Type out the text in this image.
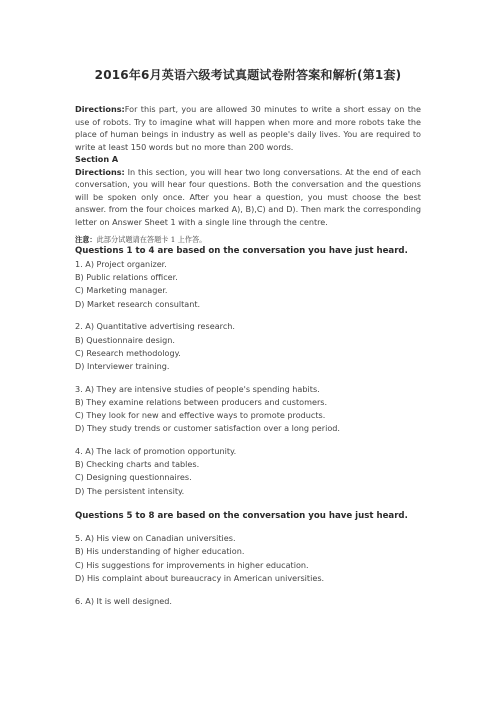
2016年6月英语六级考试真题试卷附答案和解析(第1套)
Directions:For this part, you are allowed 30 minutes to write a short essay on the use of robots. Try to imagine what will happen when more and more robots take the place of human beings in industry as well as people's daily lives. You are required to write at least 150 words but no more than 200 words.
Section A
Directions: In this section, you will hear two long conversations. At the end of each conversation, you will hear four questions. Both the conversation and the questions will be spoken only once. After you hear a question, you must choose the best answer. from the four choices marked A), B),C) and D). Then mark the corresponding letter on Answer Sheet 1 with a single line through the centre.
注意：此部分试题请在答题卡 1 上作答。
Questions 1 to 4 are based on the conversation you have just heard.
1. A) Project organizer.
B) Public relations officer.
C) Marketing manager.
D) Market research consultant.
2. A) Quantitative advertising research.
B) Questionnaire design.
C) Research methodology.
D) Interviewer training.
3. A) They are intensive studies of people's spending habits.
B) They examine relations between producers and customers.
C) They look for new and effective ways to promote products.
D) They study trends or customer satisfaction over a long period.
4. A) The lack of promotion opportunity.
B) Checking charts and tables.
C) Designing questionnaires.
D) The persistent intensity.
Questions 5 to 8 are based on the conversation you have just heard.
5. A) His view on Canadian universities.
B) His understanding of higher education.
C) His suggestions for improvements in higher education.
D) His complaint about bureaucracy in American universities.
6. A) It is well designed.
